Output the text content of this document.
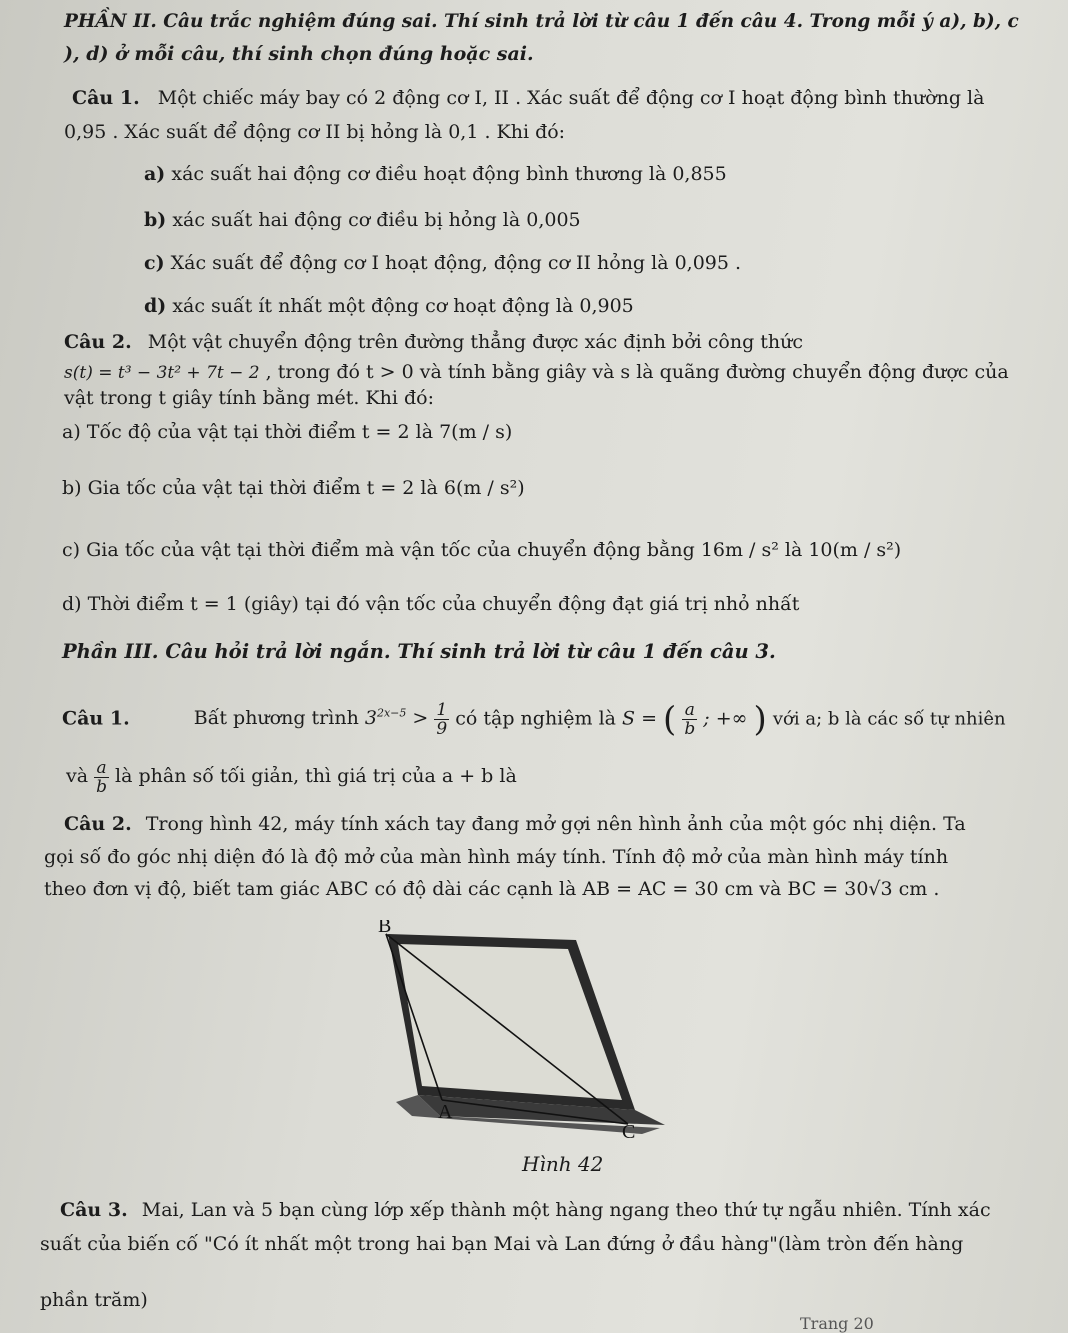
PHẦN II. Câu trắc nghiệm đúng sai. Thí sinh trả lời từ câu 1 đến câu 4. Trong mỗi ý a), b), c
), d) ở mỗi câu, thí sinh chọn đúng hoặc sai.
Câu 1. Một chiếc máy bay có 2 động cơ I, II . Xác suất để động cơ I hoạt động bình thường là
0,95 . Xác suất để động cơ II bị hỏng là 0,1 . Khi đó:
a) xác suất hai động cơ điều hoạt động bình thương là 0,855
b) xác suất hai động cơ điều bị hỏng là 0,005
c) Xác suất để động cơ I hoạt động, động cơ II hỏng là 0,095 .
d) xác suất ít nhất một động cơ hoạt động là 0,905
Câu 2. Một vật chuyển động trên đường thẳng được xác định bởi công thức
s(t) = t³ − 3t² + 7t − 2 , trong đó t > 0 và tính bằng giây và s là quãng đường chuyển động được của
vật trong t giây tính bằng mét. Khi đó:
a) Tốc độ của vật tại thời điểm t = 2 là 7(m / s)
b) Gia tốc của vật tại thời điểm t = 2 là 6(m / s²)
c) Gia tốc của vật tại thời điểm mà vận tốc của chuyển động bằng 16m / s² là 10(m / s²)
d) Thời điểm t = 1 (giây) tại đó vận tốc của chuyển động đạt giá trị nhỏ nhất
Phần III. Câu hỏi trả lời ngắn. Thí sinh trả lời từ câu 1 đến câu 3.
Câu 1.	Bất phương trình $3^{2x-5} > \frac{1}{9}$ có tập nghiệm là S = ( $\frac{a}{b}$ ; +∞ ) với a; b là các số tự nhiên
và $\frac{a}{b}$ là phân số tối giản, thì giá trị của a + b là
Câu 2. Trong hình 42, máy tính xách tay đang mở gợi nên hình ảnh của một góc nhị diện. Ta
gọi số đo góc nhị diện đó là độ mở của màn hình máy tính. Tính độ mở của màn hình máy tính
theo đơn vị độ, biết tam giác ABC có độ dài các cạnh là AB = AC = 30 cm và BC = 30√3 cm .
B
A
C
Hình 42
Câu 3. Mai, Lan và 5 bạn cùng lớp xếp thành một hàng ngang theo thứ tự ngẫu nhiên. Tính xác
suất của biến cố "Có ít nhất một trong hai bạn Mai và Lan đứng ở đầu hàng"(làm tròn đến hàng
phần trăm)
Trang 20
